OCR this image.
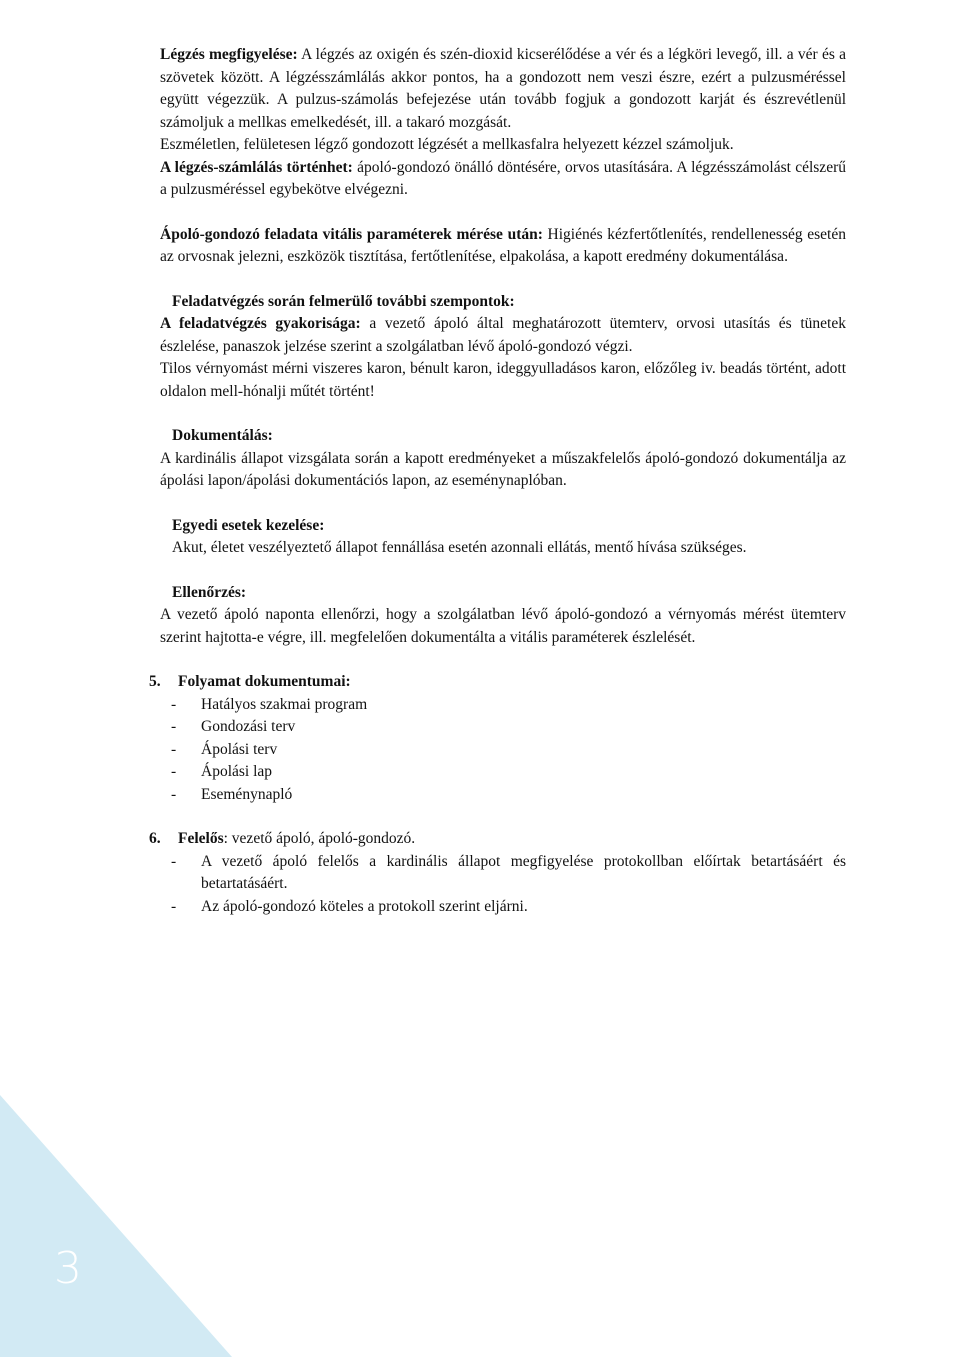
3

Légzés megfigyelése: A légzés az oxigén és szén-dioxid kicserélődése a vér és a légköri levegő, ill. a vér és a szövetek között. A légzésszámlálás akkor pontos, ha a gondozott nem veszi észre, ezért a pulzusméréssel együtt végezzük. A pulzus-számolás befejezése után tovább fogjuk a gondozott karját és észrevétlenül számoljuk a mellkas emelkedését, ill. a takaró mozgását.

Eszméletlen, felületesen légző gondozott légzését a mellkasfalra helyezett kézzel számoljuk.

A légzés-számlálás történhet: ápoló-gondozó önálló döntésére, orvos utasítására. A légzésszámolást célszerű a pulzusméréssel egybekötve elvégezni.

Ápoló-gondozó feladata vitális paraméterek mérése után: Higiénés kézfertőtlenítés, rendellenesség esetén az orvosnak jelezni, eszközök tisztítása, fertőtlenítése, elpakolása, a kapott eredmény dokumentálása.

Feladatvégzés során felmerülő további szempontok:

A feladatvégzés gyakorisága: a vezető ápoló által meghatározott ütemterv, orvosi utasítás és tünetek észlelése, panaszok jelzése szerint a szolgálatban lévő ápoló-gondozó végzi.

Tilos vérnyomást mérni viszeres karon, bénult karon, ideggyulladásos karon, előzőleg iv. beadás történt, adott oldalon mell-hónalji műtét történt!

Dokumentálás:

A kardinális állapot vizsgálata során a kapott eredményeket a műszakfelelős ápoló-gondozó dokumentálja az ápolási lapon/ápolási dokumentációs lapon, az eseménynaplóban.

Egyedi esetek kezelése:

Akut, életet veszélyeztető állapot fennállása esetén azonnali ellátás, mentő hívása szükséges.

Ellenőrzés:

A vezető ápoló naponta ellenőrzi, hogy a szolgálatban lévő ápoló-gondozó a vérnyomás mérést ütemterv szerint hajtotta-e végre, ill. megfelelően dokumentálta a vitális paraméterek észlelését.

5. Folyamat dokumentumai:

- Hatályos szakmai program
- Gondozási terv
- Ápolási terv
- Ápolási lap
- Eseménynapló

6. Felelős: vezető ápoló, ápoló-gondozó.

- A vezető ápoló felelős a kardinális állapot megfigyelése protokollban előírtak betartásáért és betartatásáért.
- Az ápoló-gondozó köteles a protokoll szerint eljárni.
